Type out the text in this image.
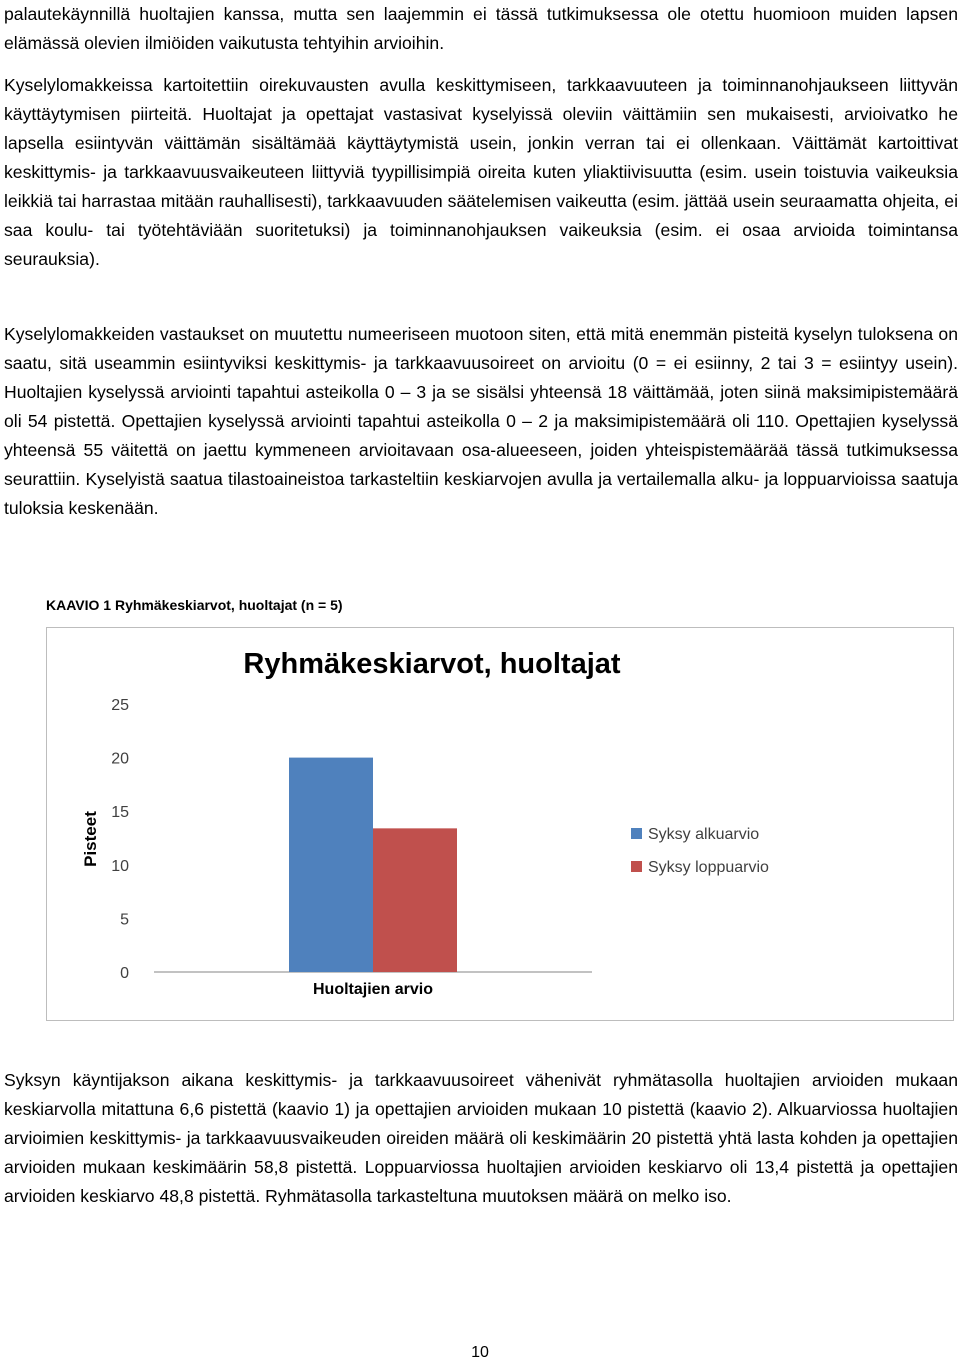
palautekäynnillä huoltajien kanssa, mutta sen laajemmin ei tässä tutkimuksessa ole otettu huomioon muiden lapsen elämässä olevien ilmiöiden vaikutusta tehtyihin arvioihin.

Kyselylomakkeissa kartoitettiin oirekuvausten avulla keskittymiseen, tarkkaavuuteen ja toiminnanohjaukseen liittyvän käyttäytymisen piirteitä. Huoltajat ja opettajat vastasivat kyselyissä oleviin väittämiin sen mukaisesti, arvioivatko he lapsella esiintyvän väittämän sisältämää käyttäytymistä usein, jonkin verran tai ei ollenkaan. Väittämät kartoittivat keskittymis- ja tarkkaavuusvaikeuteen liittyviä tyypillisimpiä oireita kuten yliaktiivisuutta (esim. usein toistuvia vaikeuksia leikkiä tai harrastaa mitään rauhallisesti), tarkkaavuuden säätelemisen vaikeutta (esim. jättää usein seuraamatta ohjeita, ei saa koulu- tai työtehtäviään suoritetuksi) ja toiminnanohjauksen vaikeuksia (esim. ei osaa arvioida toimintansa seurauksia).

Kyselylomakkeiden vastaukset on muutettu numeeriseen muotoon siten, että mitä enemmän pisteitä kyselyn tuloksena on saatu, sitä useammin esiintyviksi keskittymis- ja tarkkaavuusoireet on arvioitu (0 = ei esiinny, 2 tai 3 = esiintyy usein). Huoltajien kyselyssä arviointi tapahtui asteikolla 0 – 3 ja se sisälsi yhteensä 18 väittämää, joten siinä maksimipistemäärä oli 54 pistettä. Opettajien kyselyssä arviointi tapahtui asteikolla 0 – 2 ja maksimipistemäärä oli 110. Opettajien kyselyssä yhteensä 55 väitettä on jaettu kymmeneen arvioitavaan osa-alueeseen, joiden yhteispistemäärää tässä tutkimuksessa seurattiin. Kyselyistä saatua tilastoaineistoa tarkasteltiin keskiarvojen avulla ja vertailemalla alku- ja loppuarvioissa saatuja tuloksia keskenään.

KAAVIO 1 Ryhmäkeskiarvot, huoltajat (n = 5)
Ryhmäkeskiarvot, huoltajat
0
5
10
15
20
25
Pisteet
Huoltajien arvio
Syksy alkuarvio
Syksy loppuarvio

Syksyn käyntijakson aikana keskittymis- ja tarkkaavuusoireet vähenivät ryhmätasolla huoltajien arvioiden mukaan keskiarvolla mitattuna 6,6 pistettä (kaavio 1) ja opettajien arvioiden mukaan 10 pistettä (kaavio 2). Alkuarviossa huoltajien arvioimien keskittymis- ja tarkkaavuusvaikeuden oireiden määrä oli keskimäärin 20 pistettä yhtä lasta kohden ja opettajien arvioiden mukaan keskimäärin 58,8 pistettä. Loppuarviossa huoltajien arvioiden keskiarvo oli 13,4 pistettä ja opettajien arvioiden keskiarvo 48,8 pistettä. Ryhmätasolla tarkasteltuna muutoksen määrä on melko iso.

10
